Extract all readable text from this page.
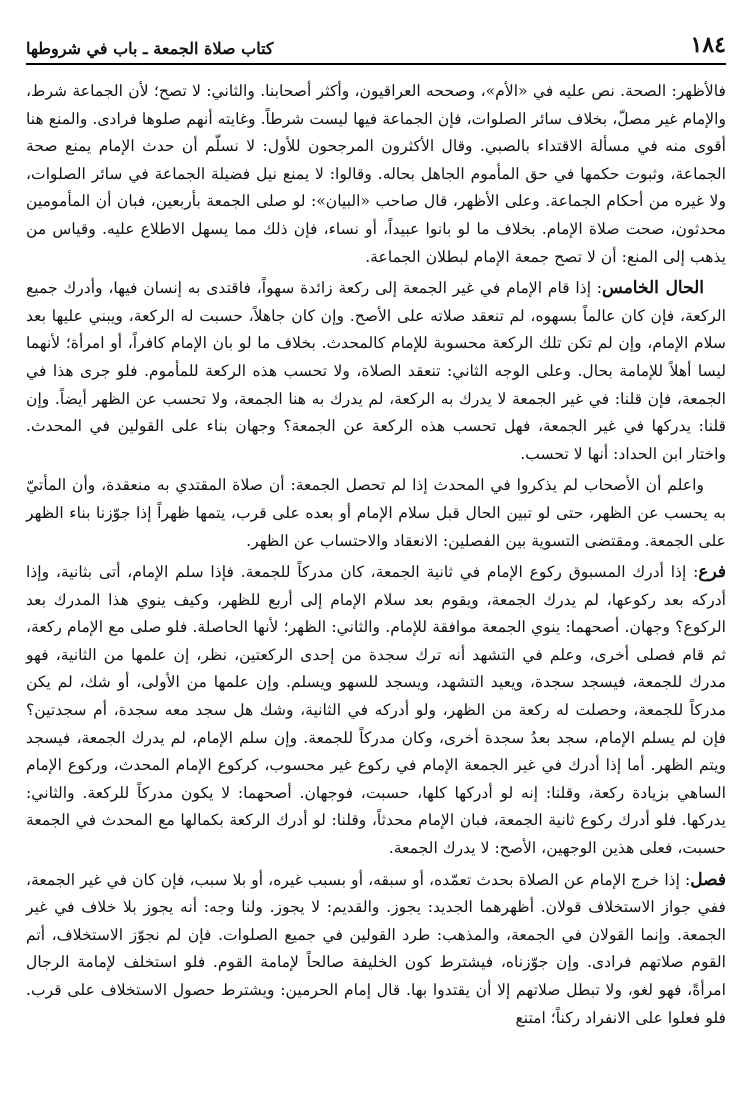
١٨٤
كتاب صلاة الجمعة ـ باب في شروطها

فالأظهر: الصحة. نص عليه في «الأم»، وصححه العراقيون، وأكثر أصحابنا. والثاني: لا تصح؛ لأن الجماعة شرط، والإمام غير مصلّ، بخلاف سائر الصلوات، فإن الجماعة فيها ليست شرطاً. وغايته أنهم صلوها فرادى. والمنع هنا أقوى منه في مسألة الاقتداء بالصبي. وقال الأكثرون المرجحون للأول: لا نسلّم أن حدث الإمام يمنع صحة الجماعة، وثبوت حكمها في حق المأموم الجاهل بحاله. وقالوا: لا يمنع نيل فضيلة الجماعة في سائر الصلوات، ولا غيره من أحكام الجماعة. وعلى الأظهر، قال صاحب «البيان»: لو صلى الجمعة بأربعين، فبان أن المأمومين محدثون، صحت صلاة الإمام. بخلاف ما لو بانوا عبيداً، أو نساء، فإن ذلك مما يسهل الاطلاع عليه. وقياس من يذهب إلى المنع: أن لا تصح جمعة الإمام لبطلان الجماعة.

الحال الخامس: إذا قام الإمام في غير الجمعة إلى ركعة زائدة سهواً، فاقتدى به إنسان فيها، وأدرك جميع الركعة، فإن كان عالماً بسهوه، لم تنعقد صلاته على الأصح. وإن كان جاهلاً، حسبت له الركعة، ويبني عليها بعد سلام الإمام، وإن لم تكن تلك الركعة محسوبة للإمام كالمحدث. بخلاف ما لو بان الإمام كافراً، أو امرأة؛ لأنهما ليسا أهلاً للإمامة بحال. وعلى الوجه الثاني: تنعقد الصلاة، ولا تحسب هذه الركعة للمأموم. فلو جرى هذا في الجمعة، فإن قلنا: في غير الجمعة لا يدرك به الركعة، لم يدرك به هنا الجمعة، ولا تحسب عن الظهر أيضاً. وإن قلنا: يدركها في غير الجمعة، فهل تحسب هذه الركعة عن الجمعة؟ وجهان بناء على القولين في المحدث. واختار ابن الحداد: أنها لا تحسب.

واعلم أن الأصحاب لم يذكروا في المحدث إذا لم تحصل الجمعة: أن صلاة المقتدي به منعقدة، وأن المأتيّ به يحسب عن الظهر، حتى لو تبين الحال قبل سلام الإمام أو بعده على قرب، يتمها ظهراً إذا جوّزنا بناء الظهر على الجمعة. ومقتضى التسوية بين الفصلين: الانعقاد والاحتساب عن الظهر.

فرع: إذا أدرك المسبوق ركوع الإمام في ثانية الجمعة، كان مدركاً للجمعة. فإذا سلم الإمام، أتى بثانية، وإذا أدركه بعد ركوعها، لم يدرك الجمعة، ويقوم بعد سلام الإمام إلى أربع للظهر، وكيف ينوي هذا المدرك بعد الركوع؟ وجهان. أصحهما: ينوي الجمعة موافقة للإمام. والثاني: الظهر؛ لأنها الحاصلة. فلو صلى مع الإمام ركعة، ثم قام فصلى أخرى، وعلم في التشهد أنه ترك سجدة من إحدى الركعتين، نظر، إن علمها من الثانية، فهو مدرك للجمعة، فيسجد سجدة، ويعيد التشهد، ويسجد للسهو ويسلم. وإن علمها من الأولى، أو شك، لم يكن مدركاً للجمعة، وحصلت له ركعة من الظهر، ولو أدركه في الثانية، وشك هل سجد معه سجدة، أم سجدتين؟ فإن لم يسلم الإمام، سجد بعدُ سجدة أخرى، وكان مدركاً للجمعة. وإن سلم الإمام، لم يدرك الجمعة، فيسجد ويتم الظهر. أما إذا أدرك في غير الجمعة الإمام في ركوع غير محسوب، كركوع الإمام المحدث، وركوع الإمام الساهي بزيادة ركعة، وقلنا: إنه لو أدركها كلها، حسبت، فوجهان. أصحهما: لا يكون مدركاً للركعة. والثاني: يدركها. فلو أدرك ركوع ثانية الجمعة، فبان الإمام محدثاً، وقلنا: لو أدرك الركعة بكمالها مع المحدث في الجمعة حسبت، فعلى هذين الوجهين، الأصح: لا يدرك الجمعة.

فصل: إذا خرج الإمام عن الصلاة بحدث تعمّده، أو سبقه، أو بسبب غيره، أو بلا سبب، فإن كان في غير الجمعة، ففي جواز الاستخلاف قولان. أظهرهما الجديد: يجوز. والقديم: لا يجوز. ولنا وجه: أنه يجوز بلا خلاف في غير الجمعة. وإنما القولان في الجمعة، والمذهب: طرد القولين في جميع الصلوات. فإن لم نجوّز الاستخلاف، أتم القوم صلاتهم فرادى. وإن جوّزناه، فيشترط كون الخليفة صالحاً لإمامة القوم. فلو استخلف لإمامة الرجال امرأةً، فهو لغو، ولا تبطل صلاتهم إلا أن يقتدوا بها. قال إمام الحرمين: ويشترط حصول الاستخلاف على قرب. فلو فعلوا على الانفراد ركناً؛ امتنع
